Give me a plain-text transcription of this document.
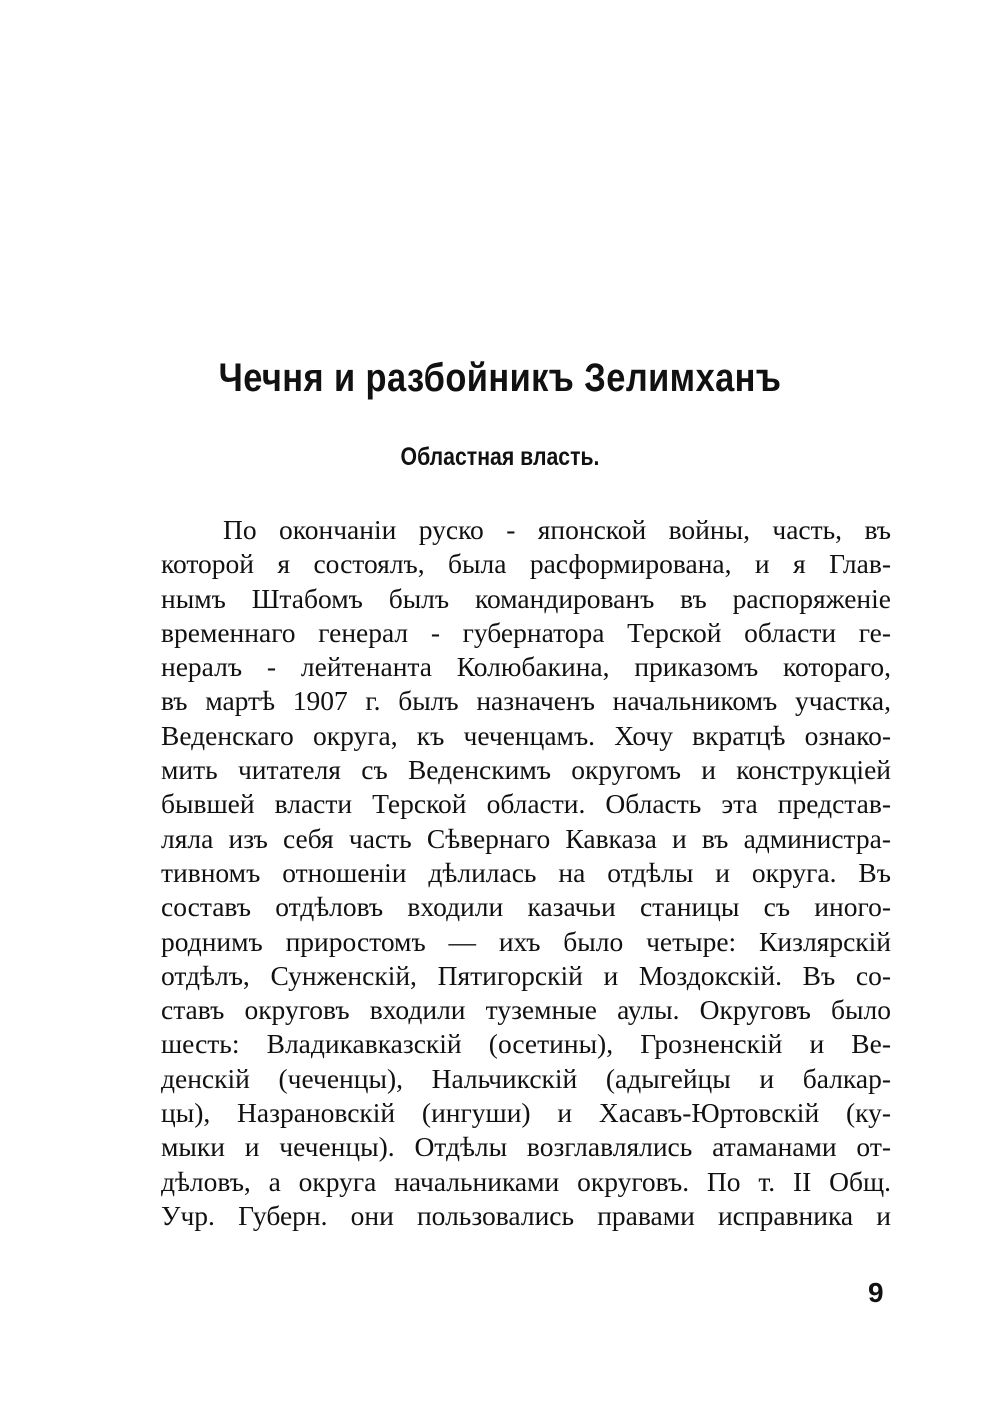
Чечня и разбойникъ Зелимханъ
Областная власть.
По окончаніи руско - японской войны, часть, въ
которой я состоялъ, была расформирована, и я Глав-
нымъ Штабомъ былъ командированъ въ распоряженіе
временнаго генерал - губернатора Терской области ге-
нералъ - лейтенанта Колюбакина, приказомъ котораго,
въ мартѣ 1907 г. былъ назначенъ начальникомъ участка,
Веденскаго округа, къ чеченцамъ. Хочу вкратцѣ ознако-
мить читателя съ Веденскимъ округомъ и конструкціей
бывшей власти Терской области. Область эта представ-
ляла изъ себя часть Сѣвернаго Кавказа и въ администра-
тивномъ отношеніи дѣлилась на отдѣлы и округа. Въ
составъ отдѣловъ входили казачьи станицы съ иного-
роднимъ приростомъ — ихъ было четыре: Кизлярскій
отдѣлъ, Сунженскій, Пятигорскій и Моздокскій. Въ со-
ставъ округовъ входили туземные аулы. Округовъ было
шесть: Владикавказскій (осетины), Грозненскій и Ве-
денскій (чеченцы), Нальчикскій (адыгейцы и балкар-
цы), Назрановскій (ингуши) и Хасавъ-Юртовскій (ку-
мыки и чеченцы). Отдѣлы возглавлялись атаманами от-
дѣловъ, а округа начальниками округовъ. По т. II Общ.
Учр. Губерн. они пользовались правами исправника и
9
